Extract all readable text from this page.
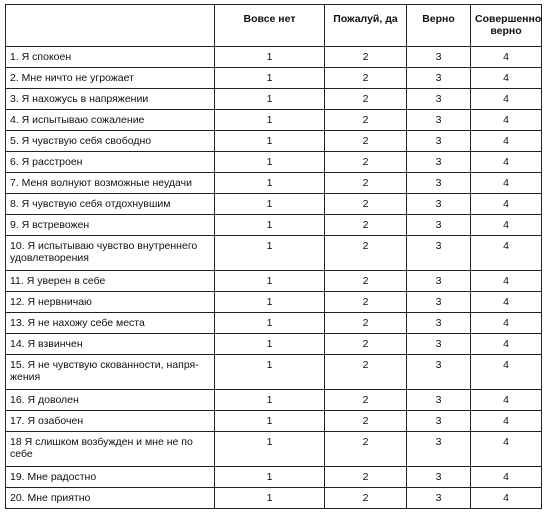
	Вовсе нет	Пожалуй, да	Верно	Совершенно верно
1. Я спокоен	1	2	3	4
2. Мне ничто не угрожает	1	2	3	4
3. Я нахожусь в напряжении	1	2	3	4
4. Я испытываю сожаление	1	2	3	4
5. Я чувствую себя свободно	1	2	3	4
6. Я расстроен	1	2	3	4
7. Меня волнуют возможные неудачи	1	2	3	4
8. Я чувствую себя отдохнувшим	1	2	3	4
9. Я встревожен	1	2	3	4
10. Я испытываю чувство внутреннего удовлетворения	1	2	3	4
11. Я уверен в себе	1	2	3	4
12. Я нервничаю	1	2	3	4
13. Я не нахожу себе места	1	2	3	4
14. Я взвинчен	1	2	3	4
15. Я не чувствую скованности, напряжения	1	2	3	4
16. Я доволен	1	2	3	4
17. Я озабочен	1	2	3	4
18 Я слишком возбужден и мне не по себе	1	2	3	4
19. Мне радостно	1	2	3	4
20. Мне приятно	1	2	3	4
